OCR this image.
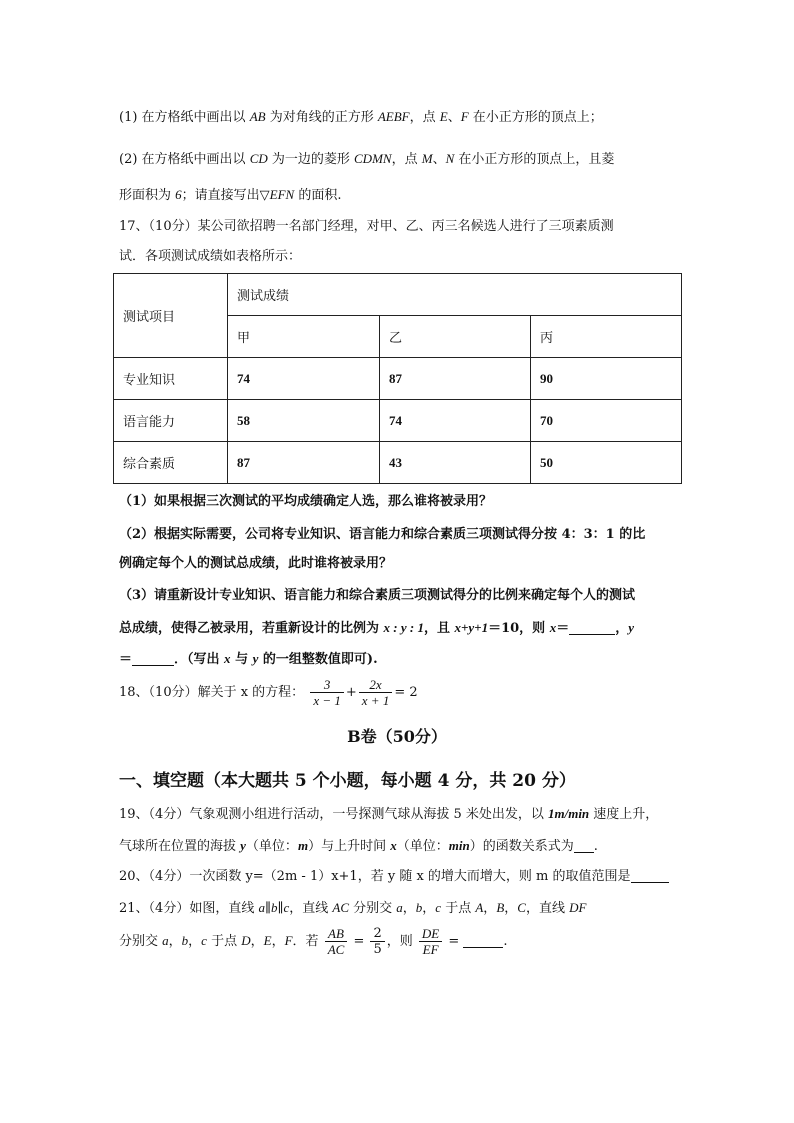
(1) 在方格纸中画出以 AB 为对角线的正方形 AEBF，点 E、F 在小正方形的顶点上；
(2) 在方格纸中画出以 CD 为一边的菱形 CDMN，点 M、N 在小正方形的顶点上，且菱
形面积为 6；请直接写出▽EFN 的面积.
17、（10分）某公司欲招聘一名部门经理，对甲、乙、丙三名候选人进行了三项素质测
试．各项测试成绩如表格所示：
测试项目	测试成绩		
	甲	乙	丙
专业知识	74	87	90
语言能力	58	74	70
综合素质	87	43	50
（1）如果根据三次测试的平均成绩确定人选，那么谁将被录用？
（2）根据实际需要，公司将专业知识、语言能力和综合素质三项测试得分按 4：3：1 的比
例确定每个人的测试总成绩，此时谁将被录用？
（3）请重新设计专业知识、语言能力和综合素质三项测试得分的比例来确定每个人的测试
总成绩，使得乙被录用，若重新设计的比例为 x : y : 1，且 x+y+1＝10，则 x＝	，y
＝	．（写出 x 与 y 的一组整数值即可).
18、（10分）解关于 x 的方程： $\frac{3}{x - 1} + \frac{2x}{x + 1} = 2$
B卷（50分）
一、填空题（本大题共 5 个小题，每小题 4 分，共 20 分）
19、（4分）气象观测小组进行活动，一号探测气球从海拔 5 米处出发，以 1m/min 速度上升，
气球所在位置的海拔 y（单位：m）与上升时间 x（单位：min）的函数关系式为 .
20、（4分）一次函数 y=（2m - 1）x+1，若 y 随 x 的增大而增大，则 m 的取值范围是
21、（4分）如图，直线 a∥b∥c，直线 AC 分别交 a，b，c 于点 A，B，C，直线 DF
分别交 a，b，c 于点 D，E，F．若 $\frac{AB}{AC} = \frac{2}{5}$ ，则 $\frac{DE}{EF}$ =	.
